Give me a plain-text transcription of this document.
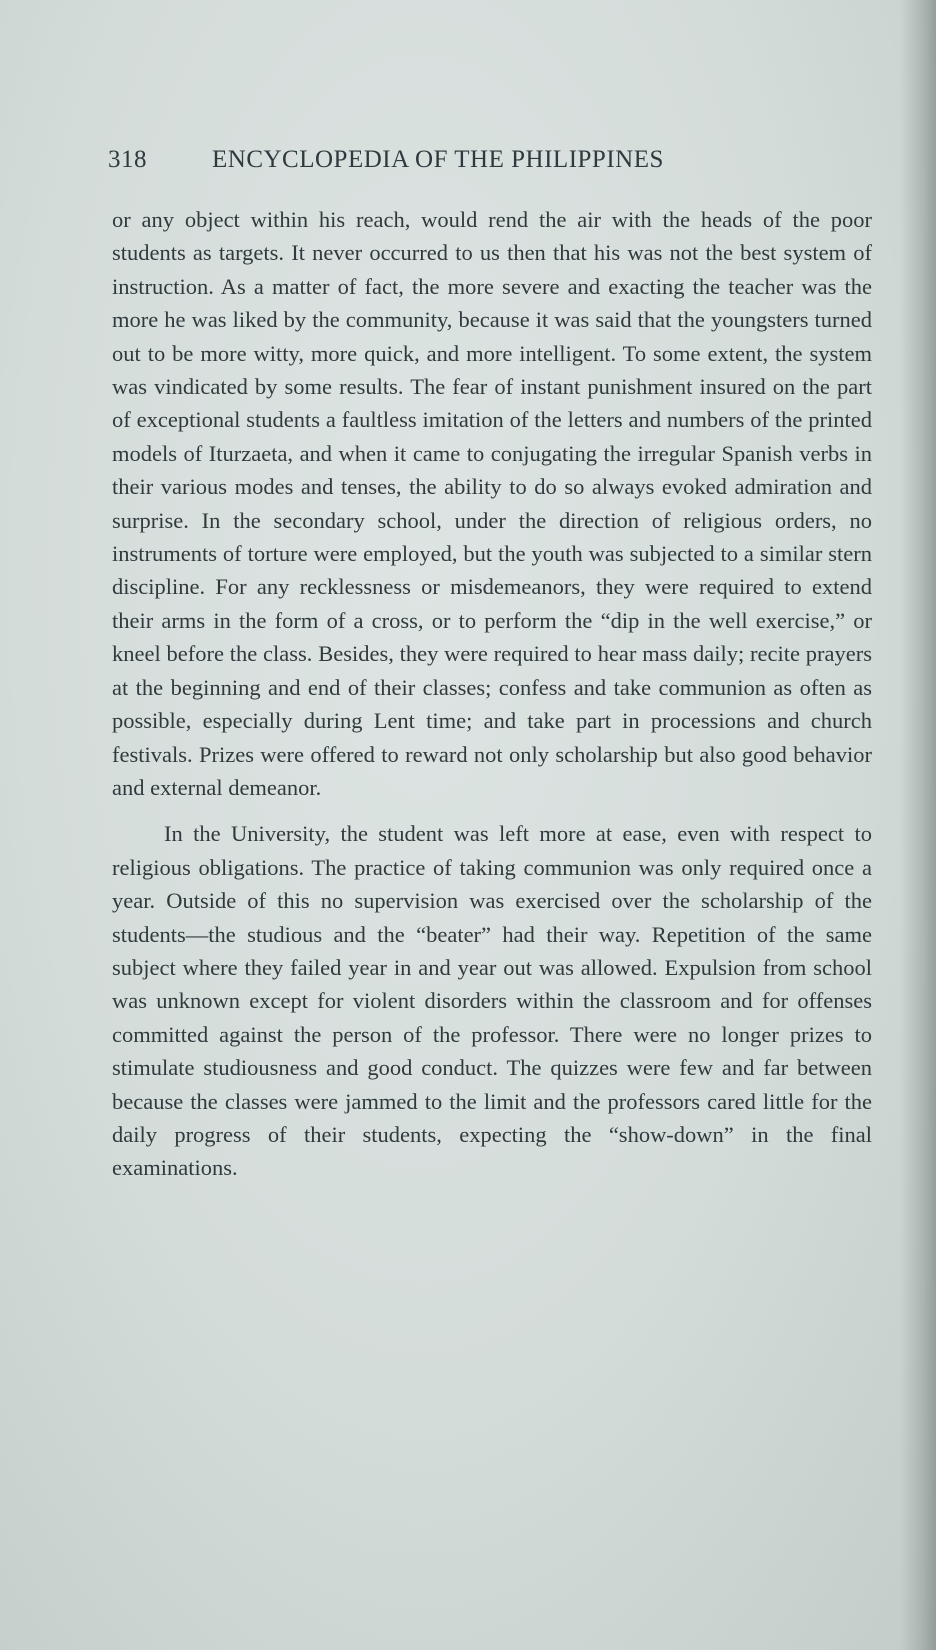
318	ENCYCLOPEDIA OF THE PHILIPPINES

or any object within his reach, would rend the air with the heads of the poor students as targets. It never occurred to us then that his was not the best system of instruction. As a matter of fact, the more severe and exacting the teacher was the more he was liked by the community, because it was said that the youngsters turned out to be more witty, more quick, and more intelligent. To some extent, the system was vindicated by some results. The fear of instant punishment insured on the part of exceptional students a faultless imitation of the letters and numbers of the printed models of Iturzaeta, and when it came to conjugating the irregular Spanish verbs in their various modes and tenses, the ability to do so always evoked admiration and surprise. In the secondary school, under the direction of religious orders, no instruments of torture were employed, but the youth was subjected to a similar stern discipline. For any recklessness or misdemeanors, they were required to extend their arms in the form of a cross, or to perform the “dip in the well exercise,” or kneel before the class. Besides, they were required to hear mass daily; recite prayers at the beginning and end of their classes; confess and take communion as often as possible, especially during Lent time; and take part in processions and church festivals. Prizes were offered to reward not only scholarship but also good behavior and external demeanor.

In the University, the student was left more at ease, even with respect to religious obligations. The practice of taking communion was only required once a year. Outside of this no supervision was exercised over the scholarship of the students—the studious and the “beater” had their way. Repetition of the same subject where they failed year in and year out was allowed. Expulsion from school was unknown except for violent disorders within the classroom and for offenses committed against the person of the professor. There were no longer prizes to stimulate studiousness and good conduct. The quizzes were few and far between because the classes were jammed to the limit and the professors cared little for the daily progress of their students, expecting the “show-down” in the final examinations.
